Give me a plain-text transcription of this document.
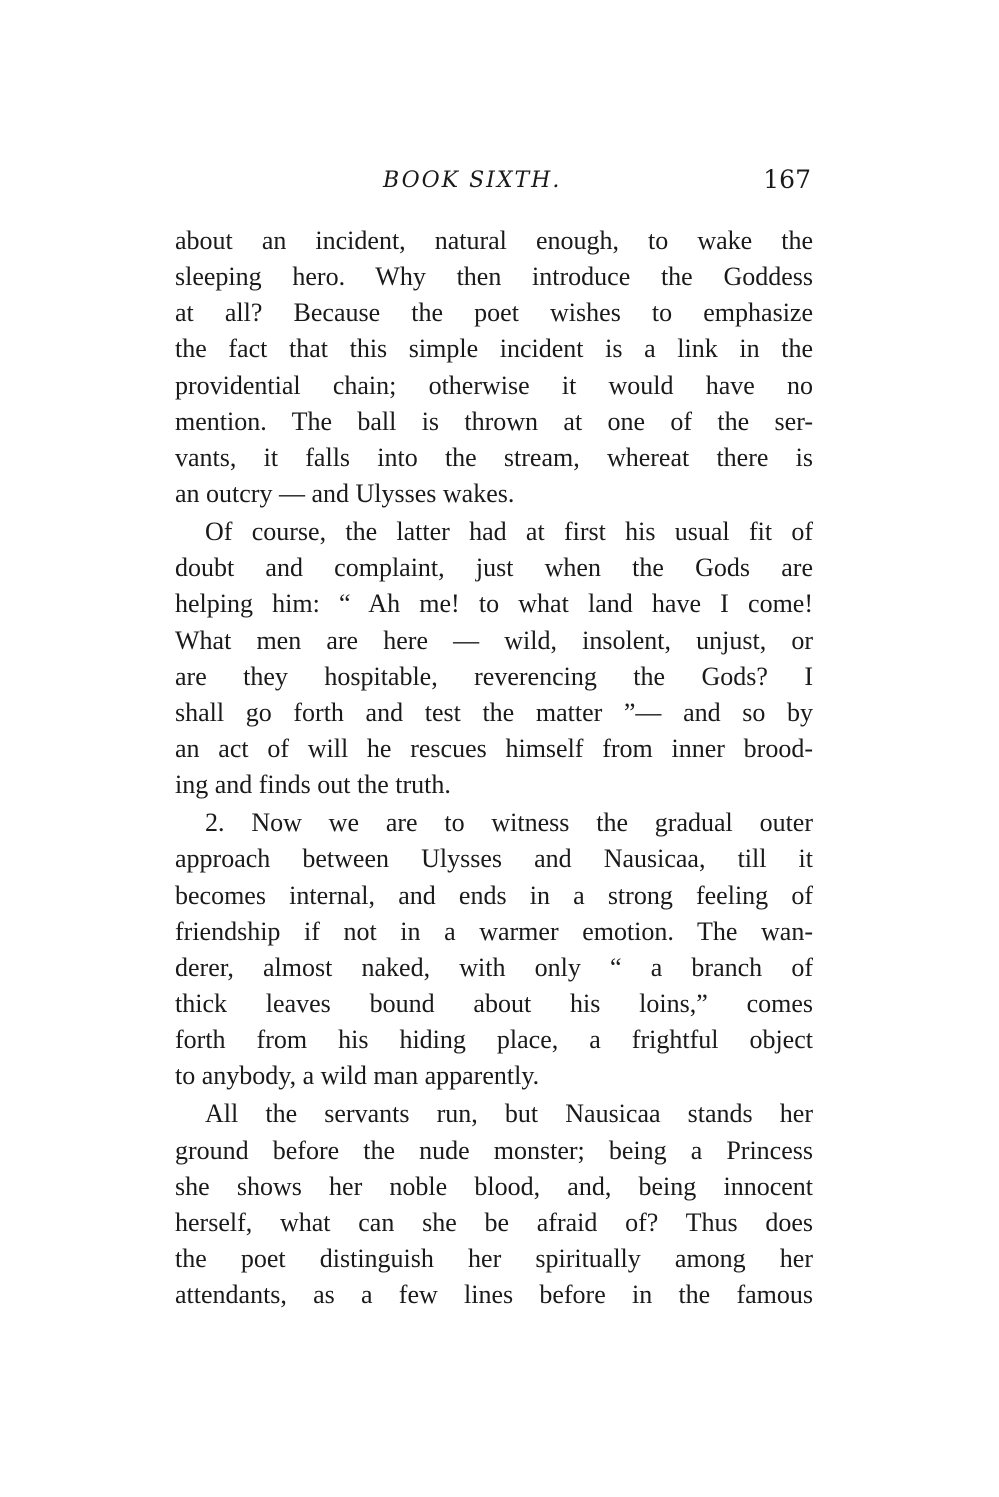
BOOK SIXTH.	167
about an incident, natural enough, to wake the
sleeping hero. Why then introduce the Goddess
at all? Because the poet wishes to emphasize
the fact that this simple incident is a link in the
providential chain; otherwise it would have no
mention. The ball is thrown at one of the ser-
vants, it falls into the stream, whereat there is
an outcry — and Ulysses wakes.
Of course, the latter had at first his usual fit of
doubt and complaint, just when the Gods are
helping him: “ Ah me! to what land have I come!
What men are here — wild, insolent, unjust, or
are they hospitable, reverencing the Gods? I
shall go forth and test the matter ”— and so by
an act of will he rescues himself from inner brood-
ing and finds out the truth.
2. Now we are to witness the gradual outer
approach between Ulysses and Nausicaa, till it
becomes internal, and ends in a strong feeling of
friendship if not in a warmer emotion. The wan-
derer, almost naked, with only “ a branch of
thick leaves bound about his loins,” comes
forth from his hiding place, a frightful object
to anybody, a wild man apparently.
All the servants run, but Nausicaa stands her
ground before the nude monster; being a Princess
she shows her noble blood, and, being innocent
herself, what can she be afraid of? Thus does
the poet distinguish her spiritually among her
attendants, as a few lines before in the famous
